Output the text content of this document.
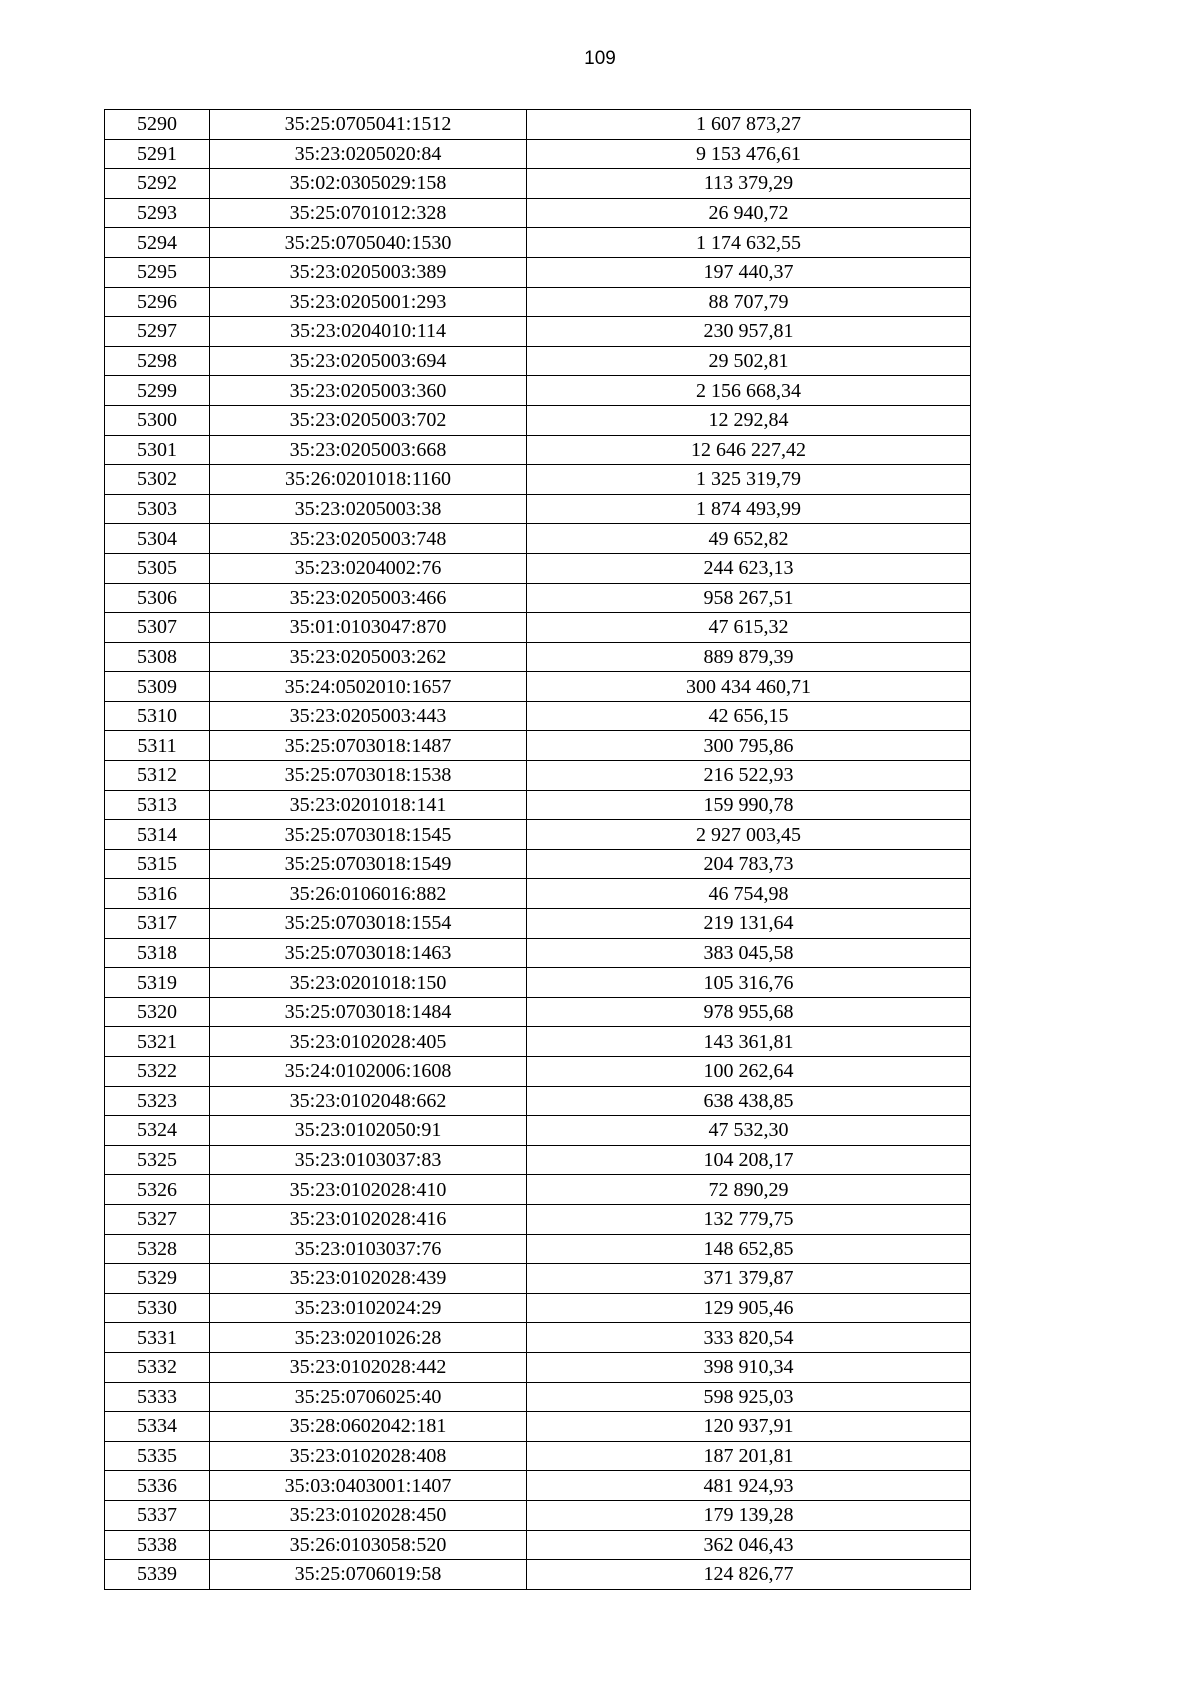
109
5290	35:25:0705041:1512	1 607 873,27
5291	35:23:0205020:84	9 153 476,61
5292	35:02:0305029:158	113 379,29
5293	35:25:0701012:328	26 940,72
5294	35:25:0705040:1530	1 174 632,55
5295	35:23:0205003:389	197 440,37
5296	35:23:0205001:293	88 707,79
5297	35:23:0204010:114	230 957,81
5298	35:23:0205003:694	29 502,81
5299	35:23:0205003:360	2 156 668,34
5300	35:23:0205003:702	12 292,84
5301	35:23:0205003:668	12 646 227,42
5302	35:26:0201018:1160	1 325 319,79
5303	35:23:0205003:38	1 874 493,99
5304	35:23:0205003:748	49 652,82
5305	35:23:0204002:76	244 623,13
5306	35:23:0205003:466	958 267,51
5307	35:01:0103047:870	47 615,32
5308	35:23:0205003:262	889 879,39
5309	35:24:0502010:1657	300 434 460,71
5310	35:23:0205003:443	42 656,15
5311	35:25:0703018:1487	300 795,86
5312	35:25:0703018:1538	216 522,93
5313	35:23:0201018:141	159 990,78
5314	35:25:0703018:1545	2 927 003,45
5315	35:25:0703018:1549	204 783,73
5316	35:26:0106016:882	46 754,98
5317	35:25:0703018:1554	219 131,64
5318	35:25:0703018:1463	383 045,58
5319	35:23:0201018:150	105 316,76
5320	35:25:0703018:1484	978 955,68
5321	35:23:0102028:405	143 361,81
5322	35:24:0102006:1608	100 262,64
5323	35:23:0102048:662	638 438,85
5324	35:23:0102050:91	47 532,30
5325	35:23:0103037:83	104 208,17
5326	35:23:0102028:410	72 890,29
5327	35:23:0102028:416	132 779,75
5328	35:23:0103037:76	148 652,85
5329	35:23:0102028:439	371 379,87
5330	35:23:0102024:29	129 905,46
5331	35:23:0201026:28	333 820,54
5332	35:23:0102028:442	398 910,34
5333	35:25:0706025:40	598 925,03
5334	35:28:0602042:181	120 937,91
5335	35:23:0102028:408	187 201,81
5336	35:03:0403001:1407	481 924,93
5337	35:23:0102028:450	179 139,28
5338	35:26:0103058:520	362 046,43
5339	35:25:0706019:58	124 826,77
